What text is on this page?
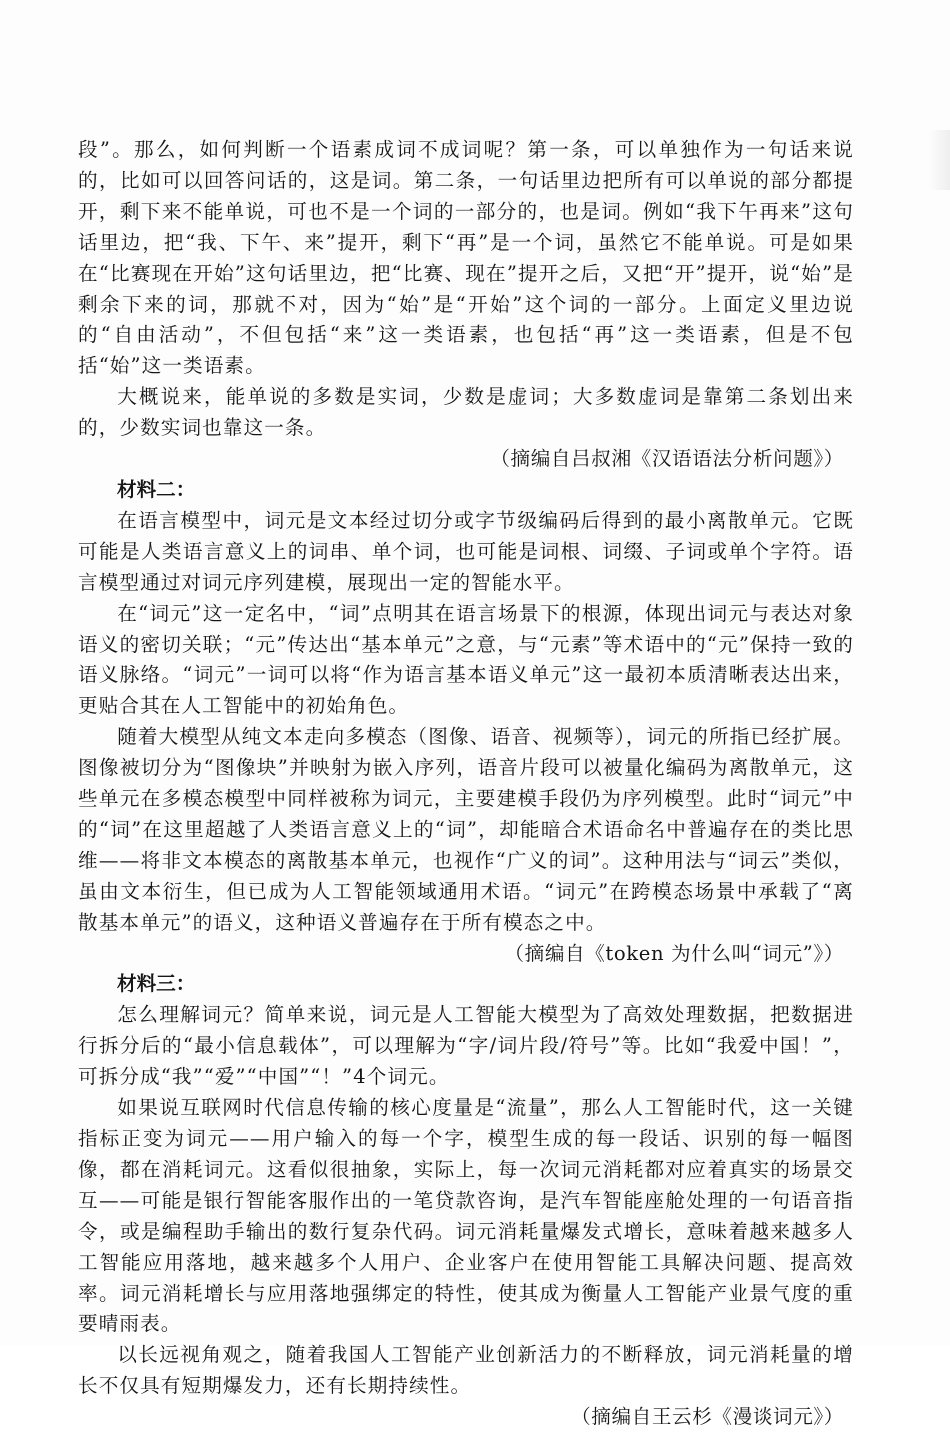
段”。那么，如何判断一个语素成词不成词呢？第一条，可以单独作为一句话来说的，比如可以回答问话的，这是词。第二条，一句话里边把所有可以单说的部分都提开，剩下来不能单说，可也不是一个词的一部分的，也是词。例如“我下午再来”这句话里边，把“我、下午、来”提开，剩下“再”是一个词，虽然它不能单说。可是如果在“比赛现在开始”这句话里边，把“比赛、现在”提开之后，又把“开”提开，说“始”是剩余下来的词，那就不对，因为“始”是“开始”这个词的一部分。上面定义里边说的“自由活动”，不但包括“来”这一类语素，也包括“再”这一类语素，但是不包括“始”这一类语素。

大概说来，能单说的多数是实词，少数是虚词；大多数虚词是靠第二条划出来的，少数实词也靠这一条。

（摘编自吕叔湘《汉语语法分析问题》）

材料二：

在语言模型中，词元是文本经过切分或字节级编码后得到的最小离散单元。它既可能是人类语言意义上的词串、单个词，也可能是词根、词缀、子词或单个字符。语言模型通过对词元序列建模，展现出一定的智能水平。

在“词元”这一定名中，“词”点明其在语言场景下的根源，体现出词元与表达对象语义的密切关联；“元”传达出“基本单元”之意，与“元素”等术语中的“元”保持一致的语义脉络。“词元”一词可以将“作为语言基本语义单元”这一最初本质清晰表达出来，更贴合其在人工智能中的初始角色。

随着大模型从纯文本走向多模态（图像、语音、视频等），词元的所指已经扩展。图像被切分为“图像块”并映射为嵌入序列，语音片段可以被量化编码为离散单元，这些单元在多模态模型中同样被称为词元，主要建模手段仍为序列模型。此时“词元”中的“词”在这里超越了人类语言意义上的“词”，却能暗合术语命名中普遍存在的类比思维——将非文本模态的离散基本单元，也视作“广义的词”。这种用法与“词云”类似，虽由文本衍生，但已成为人工智能领域通用术语。“词元”在跨模态场景中承载了“离散基本单元”的语义，这种语义普遍存在于所有模态之中。

（摘编自《token 为什么叫“词元”》）

材料三：

怎么理解词元？简单来说，词元是人工智能大模型为了高效处理数据，把数据进行拆分后的“最小信息载体”，可以理解为“字/词片段/符号”等。比如“我爱中国！”，可拆分成“我”“爱”“中国”“！”4个词元。

如果说互联网时代信息传输的核心度量是“流量”，那么人工智能时代，这一关键指标正变为词元——用户输入的每一个字，模型生成的每一段话、识别的每一幅图像，都在消耗词元。这看似很抽象，实际上，每一次词元消耗都对应着真实的场景交互——可能是银行智能客服作出的一笔贷款咨询，是汽车智能座舱处理的一句语音指令，或是编程助手输出的数行复杂代码。词元消耗量爆发式增长，意味着越来越多人工智能应用落地，越来越多个人用户、企业客户在使用智能工具解决问题、提高效率。词元消耗增长与应用落地强绑定的特性，使其成为衡量人工智能产业景气度的重要晴雨表。

以长远视角观之，随着我国人工智能产业创新活力的不断释放，词元消耗量的增长不仅具有短期爆发力，还有长期持续性。

（摘编自王云杉《漫谈词元》）
